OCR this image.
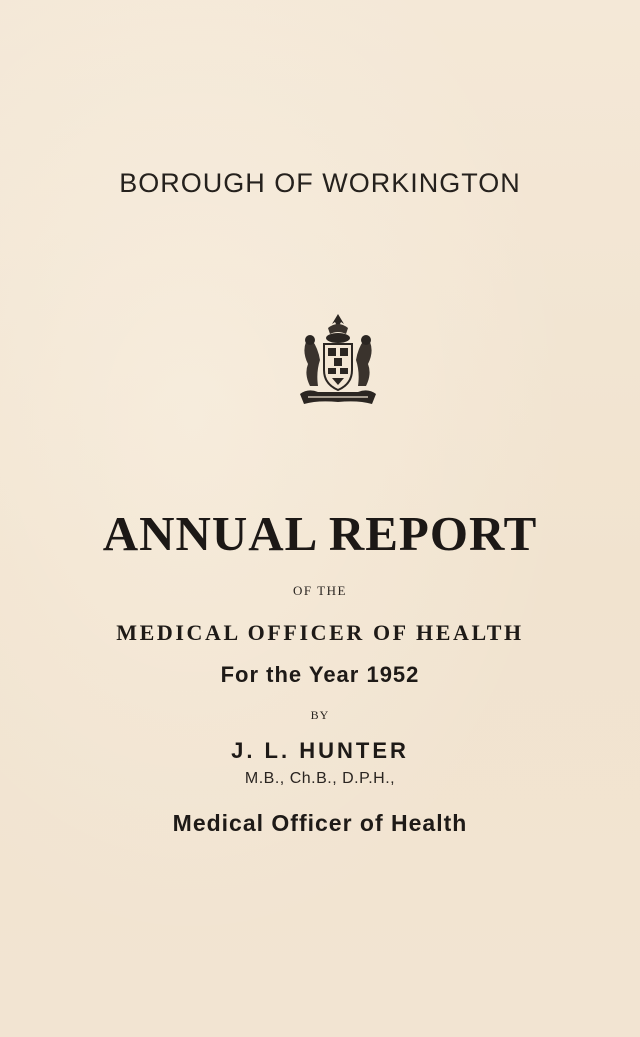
BOROUGH OF WORKINGTON
ANNUAL REPORT
OF THE
MEDICAL OFFICER OF HEALTH
For the Year 1952
BY
J. L. HUNTER
M.B., Ch.B., D.P.H.,
Medical Officer of Health
